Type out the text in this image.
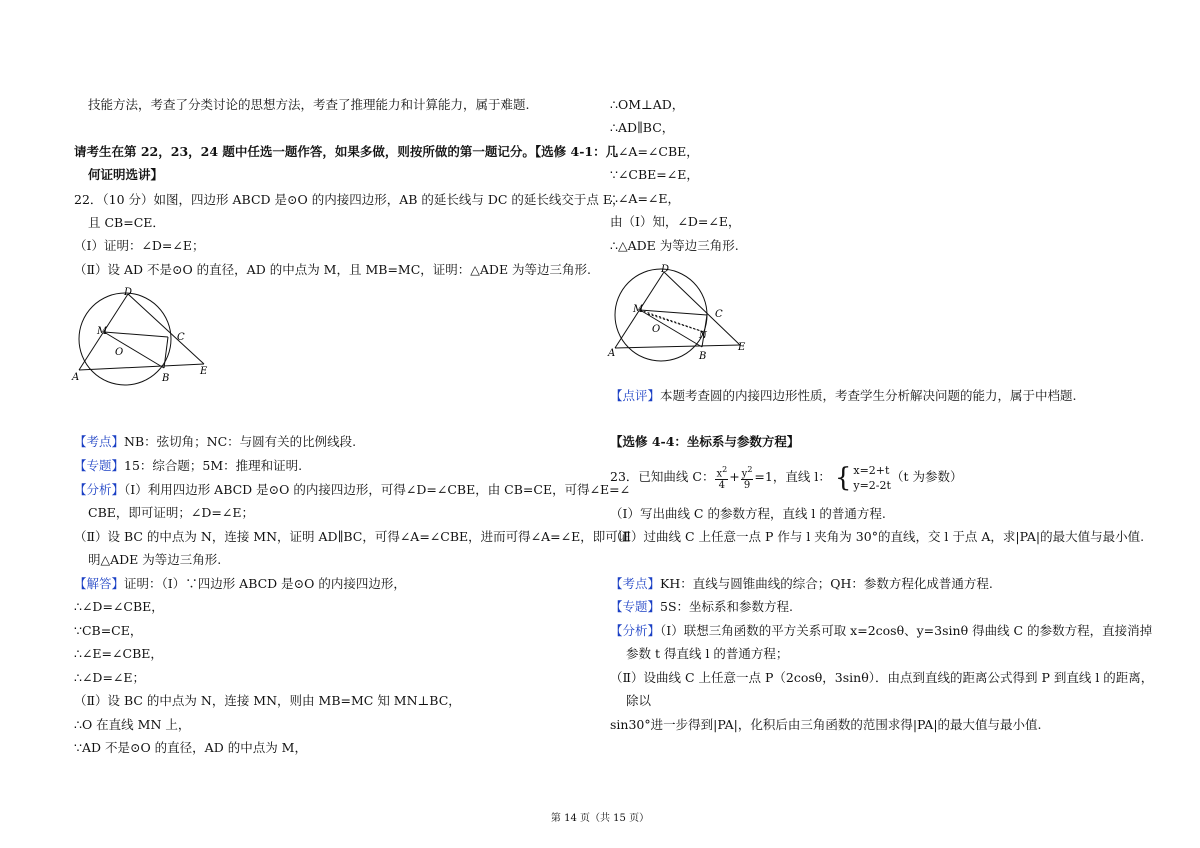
技能方法，考查了分类讨论的思想方法，考查了推理能力和计算能力，属于难题.
请考生在第 22，23，24 题中任选一题作答，如果多做，则按所做的第一题记分。【选修 4-1：几
何证明选讲】
22．（10 分）如图，四边形 ABCD 是⊙O 的内接四边形，AB 的延长线与 DC 的延长线交于点 E，
且 CB=CE．
（Ⅰ）证明：∠D=∠E；
（Ⅱ）设 AD 不是⊙O 的直径，AD 的中点为 M，且 MB=MC，证明：△ADE 为等边三角形.
A	B
C
D
E
M
O
【考点】NB：弦切角；NC：与圆有关的比例线段.
【专题】15：综合题；5M：推理和证明.
【分析】（Ⅰ）利用四边形 ABCD 是⊙O 的内接四边形，可得∠D=∠CBE，由 CB=CE，可得∠E=∠
CBE，即可证明；∠D=∠E；
（Ⅱ）设 BC 的中点为 N，连接 MN，证明 AD∥BC，可得∠A=∠CBE，进而可得∠A=∠E，即可证
明△ADE 为等边三角形.
【解答】证明：（Ⅰ）∵四边形 ABCD 是⊙O 的内接四边形，
∴∠D=∠CBE，
∵CB=CE，
∴∠E=∠CBE，
∴∠D=∠E；
（Ⅱ）设 BC 的中点为 N，连接 MN，则由 MB=MC 知 MN⊥BC，
∴O 在直线 MN 上，
∵AD 不是⊙O 的直径，AD 的中点为 M，
∴OM⊥AD，
∴AD∥BC，
∴∠A=∠CBE，
∵∠CBE=∠E，
∴∠A=∠E，
由（Ⅰ）知，∠D=∠E，
∴△ADE 为等边三角形.
A	B
C
D
E
M
O
N
【点评】本题考查圆的内接四边形性质，考查学生分析解决问题的能力，属于中档题.
【选修 4-4：坐标系与参数方程】
23．已知曲线 C： $\frac{x^2}{4} + \frac{y^2}{9} =1$，直线 l： { x=2+t
y=2-2t
（t 为参数）
（Ⅰ）写出曲线 C 的参数方程，直线 l 的普通方程.
（Ⅱ）过曲线 C 上任意一点 P 作与 l 夹角为 30°的直线，交 l 于点 A，求|PA|的最大值与最小值.
【考点】KH：直线与圆锥曲线的综合；QH：参数方程化成普通方程.
【专题】5S：坐标系和参数方程.
【分析】（Ⅰ）联想三角函数的平方关系可取 x=2cosθ、y=3sinθ 得曲线 C 的参数方程，直接消掉
参数 t 得直线 l 的普通方程；
（Ⅱ）设曲线 C 上任意一点 P（2cosθ，3sinθ）．由点到直线的距离公式得到 P 到直线 l 的距离，
除以
sin30°进一步得到|PA|，化积后由三角函数的范围求得|PA|的最大值与最小值.
第 14 页（共 15 页）
